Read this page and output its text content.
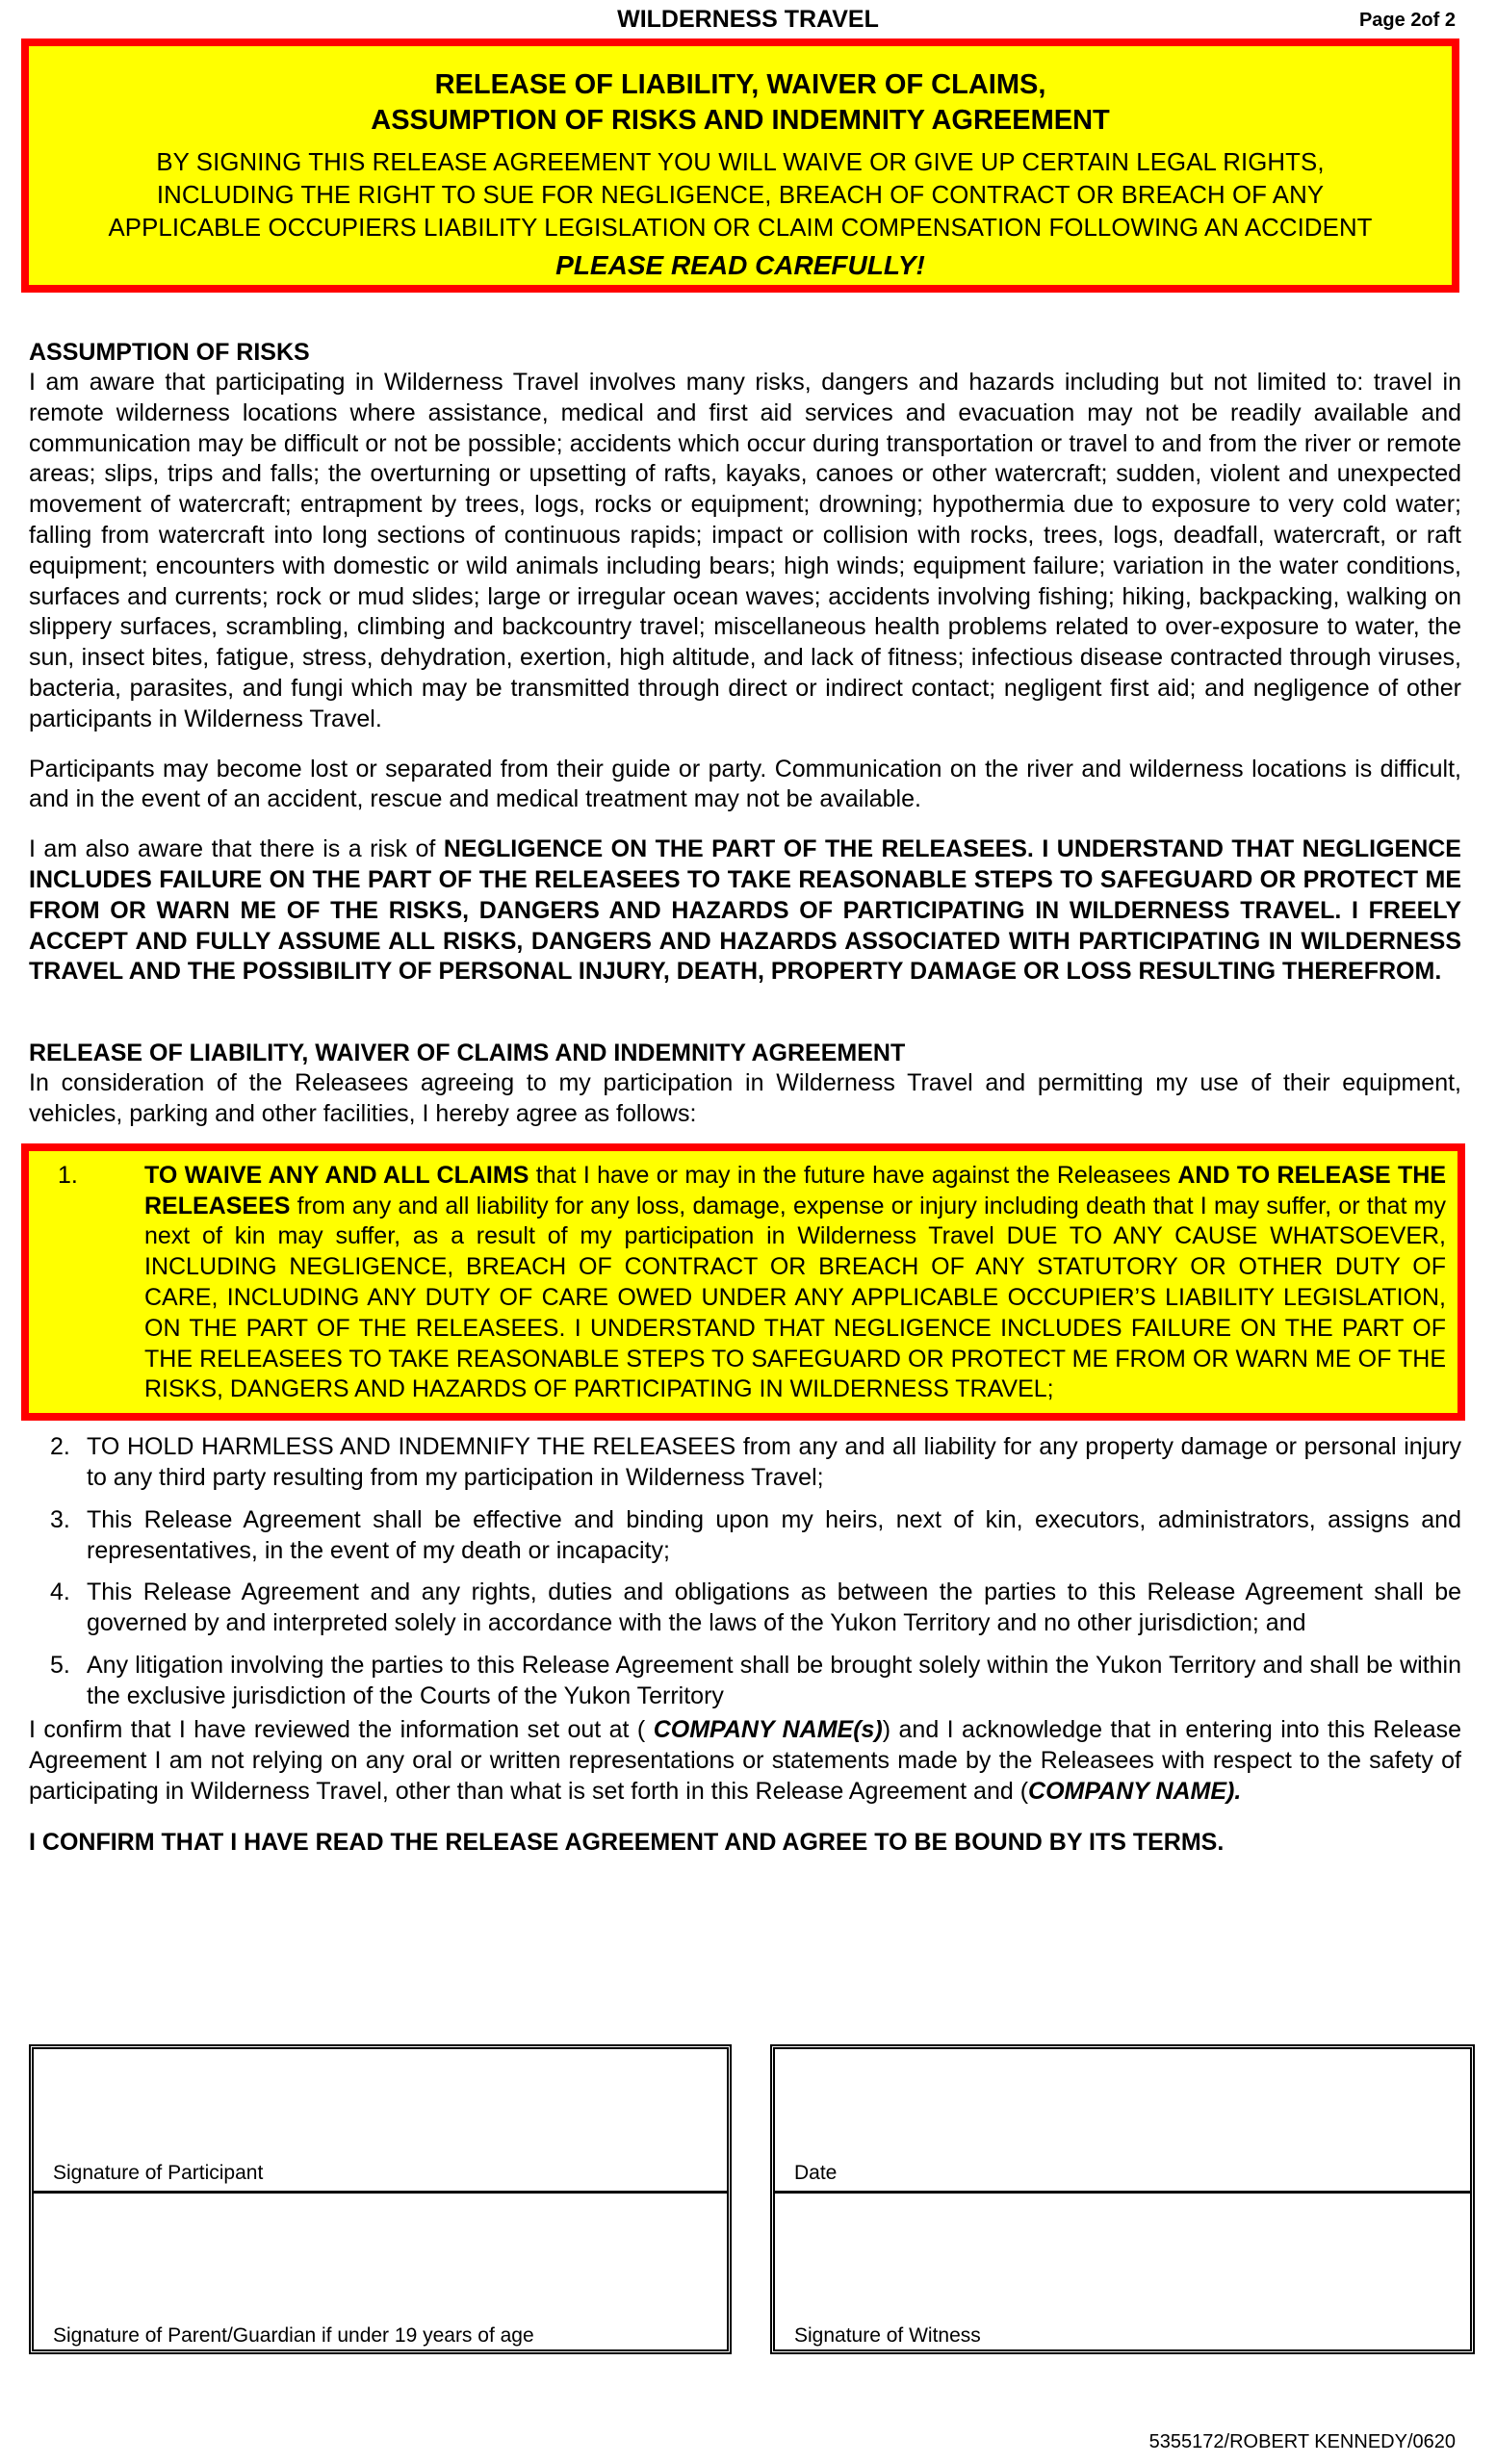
WILDERNESS TRAVEL	Page 2of 2
RELEASE OF LIABILITY, WAIVER OF CLAIMS,
ASSUMPTION OF RISKS AND INDEMNITY AGREEMENT
BY SIGNING THIS RELEASE AGREEMENT YOU WILL WAIVE OR GIVE UP CERTAIN LEGAL RIGHTS,
INCLUDING THE RIGHT TO SUE FOR NEGLIGENCE, BREACH OF CONTRACT OR BREACH OF ANY
APPLICABLE OCCUPIERS LIABILITY LEGISLATION OR CLAIM COMPENSATION FOLLOWING AN ACCIDENT
PLEASE READ CAREFULLY!
ASSUMPTION OF RISKS

I am aware that participating in Wilderness Travel involves many risks, dangers and hazards including but not limited to: travel in remote wilderness locations where assistance, medical and first aid services and evacuation may not be readily available and communication may be difficult or not be possible; accidents which occur during transportation or travel to and from the river or remote areas; slips, trips and falls; the overturning or upsetting of rafts, kayaks, canoes or other watercraft; sudden, violent and unexpected movement of watercraft; entrapment by trees, logs, rocks or equipment; drowning; hypothermia due to exposure to very cold water; falling from watercraft into long sections of continuous rapids; impact or collision with rocks, trees, logs, deadfall, watercraft, or raft equipment; encounters with domestic or wild animals including bears; high winds; equipment failure; variation in the water conditions, surfaces and currents; rock or mud slides; large or irregular ocean waves; accidents involving fishing; hiking, backpacking, walking on slippery surfaces, scrambling, climbing and backcountry travel; miscellaneous health problems related to over-exposure to water, the sun, insect bites, fatigue, stress, dehydration, exertion, high altitude, and lack of fitness; infectious disease contracted through viruses, bacteria, parasites, and fungi which may be transmitted through direct or indirect contact; negligent first aid; and negligence of other participants in Wilderness Travel.

Participants may become lost or separated from their guide or party. Communication on the river and wilderness locations is difficult, and in the event of an accident, rescue and medical treatment may not be available.

I am also aware that there is a risk of NEGLIGENCE ON THE PART OF THE RELEASEES. I UNDERSTAND THAT NEGLIGENCE INCLUDES FAILURE ON THE PART OF THE RELEASEES TO TAKE REASONABLE STEPS TO SAFEGUARD OR PROTECT ME FROM OR WARN ME OF THE RISKS, DANGERS AND HAZARDS OF PARTICIPATING IN WILDERNESS TRAVEL. I FREELY ACCEPT AND FULLY ASSUME ALL RISKS, DANGERS AND HAZARDS ASSOCIATED WITH PARTICIPATING IN WILDERNESS TRAVEL AND THE POSSIBILITY OF PERSONAL INJURY, DEATH, PROPERTY DAMAGE OR LOSS RESULTING THEREFROM.

RELEASE OF LIABILITY, WAIVER OF CLAIMS AND INDEMNITY AGREEMENT

In consideration of the Releasees agreeing to my participation in Wilderness Travel and permitting my use of their equipment, vehicles, parking and other facilities, I hereby agree as follows:

1.	TO WAIVE ANY AND ALL CLAIMS that I have or may in the future have against the Releasees AND TO RELEASE THE RELEASEES from any and all liability for any loss, damage, expense or injury including death that I may suffer, or that my next of kin may suffer, as a result of my participation in Wilderness Travel DUE TO ANY CAUSE WHATSOEVER, INCLUDING NEGLIGENCE, BREACH OF CONTRACT OR BREACH OF ANY STATUTORY OR OTHER DUTY OF CARE, INCLUDING ANY DUTY OF CARE OWED UNDER ANY APPLICABLE OCCUPIER’S LIABILITY LEGISLATION, ON THE PART OF THE RELEASEES. I UNDERSTAND THAT NEGLIGENCE INCLUDES FAILURE ON THE PART OF THE RELEASEES TO TAKE REASONABLE STEPS TO SAFEGUARD OR PROTECT ME FROM OR WARN ME OF THE RISKS, DANGERS AND HAZARDS OF PARTICIPATING IN WILDERNESS TRAVEL;
2. TO HOLD HARMLESS AND INDEMNIFY THE RELEASEES from any and all liability for any property damage or personal injury to any third party resulting from my participation in Wilderness Travel;
3. This Release Agreement shall be effective and binding upon my heirs, next of kin, executors, administrators, assigns and representatives, in the event of my death or incapacity;
4. This Release Agreement and any rights, duties and obligations as between the parties to this Release Agreement shall be governed by and interpreted solely in accordance with the laws of the Yukon Territory and no other jurisdiction; and
5. Any litigation involving the parties to this Release Agreement shall be brought solely within the Yukon Territory and shall be within the exclusive jurisdiction of the Courts of the Yukon Territory

I confirm that I have reviewed the information set out at ( COMPANY NAME(s)) and I acknowledge that in entering into this Release Agreement I am not relying on any oral or written representations or statements made by the Releasees with respect to the safety of participating in Wilderness Travel, other than what is set forth in this Release Agreement and (COMPANY NAME).

I CONFIRM THAT I HAVE READ THE RELEASE AGREEMENT AND AGREE TO BE BOUND BY ITS TERMS.
Signature of Participant
Signature of Parent/Guardian if under 19 years of age
Date
Signature of Witness
5355172/ROBERT KENNEDY/0620
